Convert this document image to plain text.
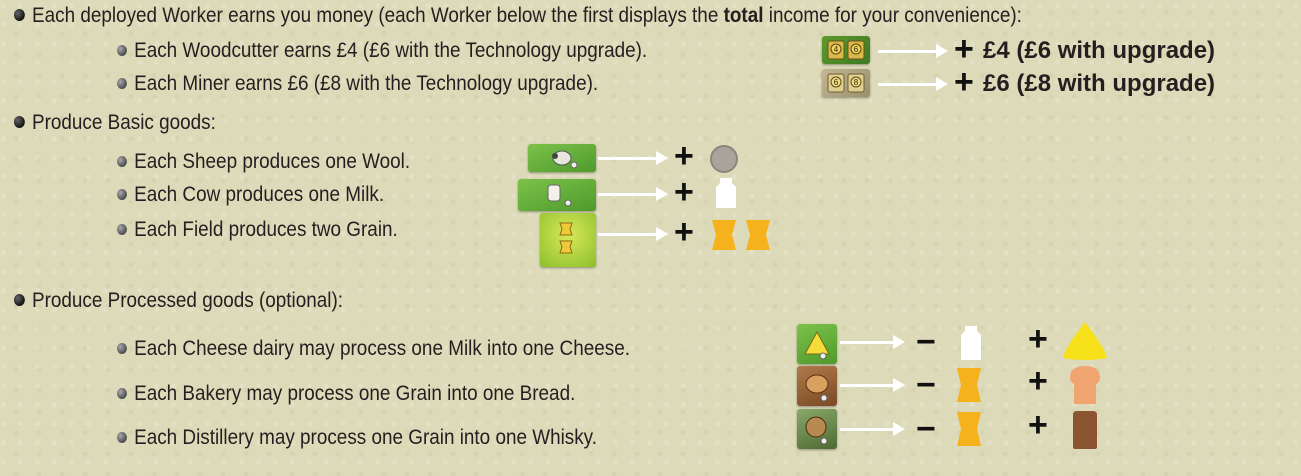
Each deployed Worker earns you money (each Worker below the first displays the total income for your convenience):
Each Woodcutter earns £4 (£6 with the Technology upgrade).
Each Miner earns £6 (£8 with the Technology upgrade).
4 6	+ £4 (£6 with upgrade)
6 8	+ £6 (£8 with upgrade)
Produce Basic goods:
Each Sheep produces one Wool.
Each Cow produces one Milk.
Each Field produces two Grain.
+
+
+
Produce Processed goods (optional):
Each Cheese dairy may process one Milk into one Cheese.
Each Bakery may process one Grain into one Bread.
Each Distillery may process one Grain into one Whisky.
−	+
−	+
−	+
